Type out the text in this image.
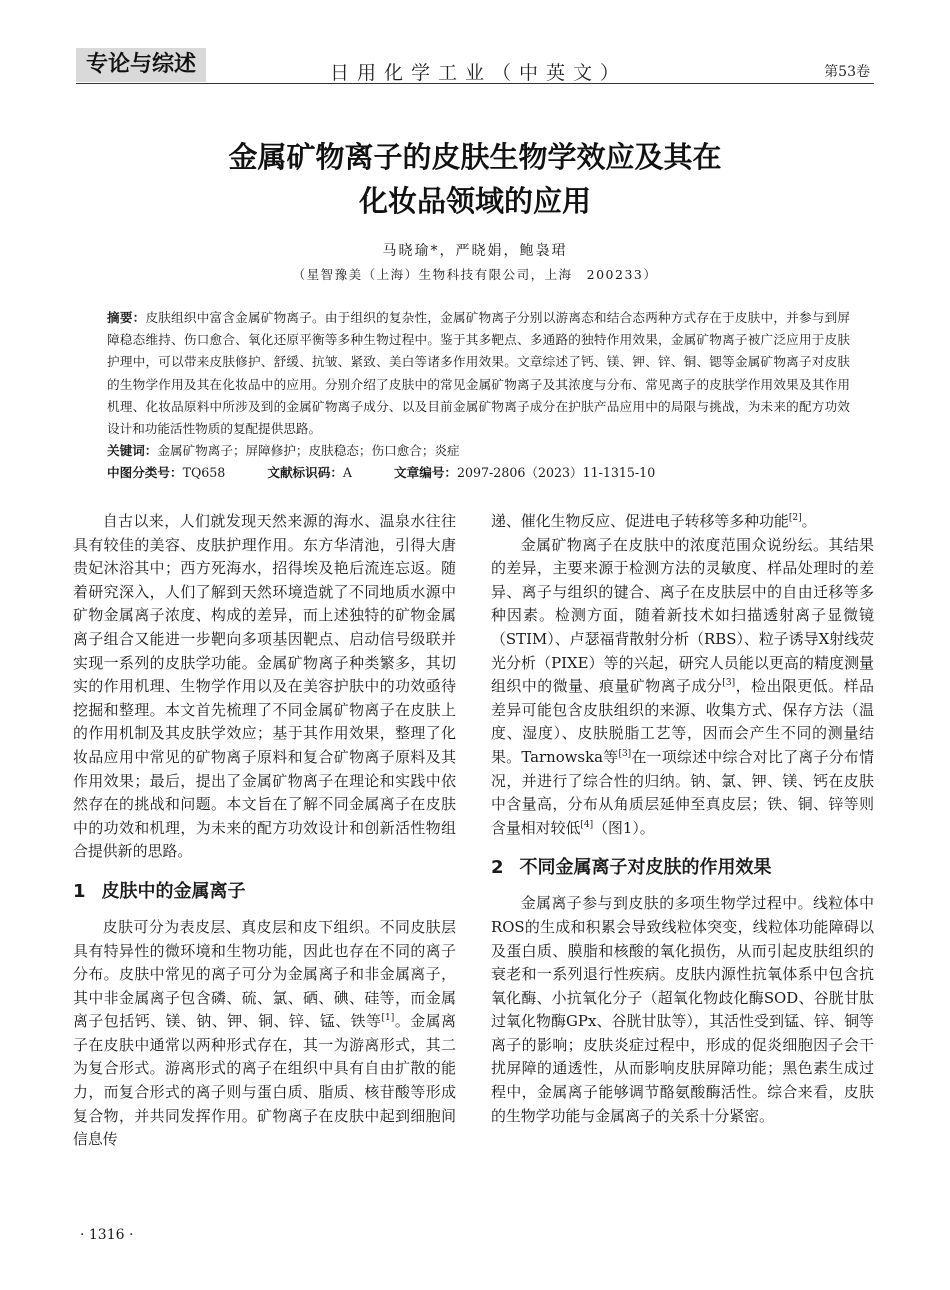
专论与综述	日用化学工业（中英文）	第53卷
金属矿物离子的皮肤生物学效应及其在
化妆品领域的应用
马晓瑜*，严晓娟，鲍袅珺
（星智豫美（上海）生物科技有限公司，上海　200233）
摘要：皮肤组织中富含金属矿物离子。由于组织的复杂性，金属矿物离子分别以游离态和结合态两种方式存在于皮肤中，并参与到屏障稳态维持、伤口愈合、氧化还原平衡等多种生物过程中。鉴于其多靶点、多通路的独特作用效果，金属矿物离子被广泛应用于皮肤护理中，可以带来皮肤修护、舒缓、抗皱、紧致、美白等诸多作用效果。文章综述了钙、镁、钾、锌、铜、锶等金属矿物离子对皮肤的生物学作用及其在化妆品中的应用。分别介绍了皮肤中的常见金属矿物离子及其浓度与分布、常见离子的皮肤学作用效果及其作用机理、化妆品原料中所涉及到的金属矿物离子成分、以及目前金属矿物离子成分在护肤产品应用中的局限与挑战，为未来的配方功效设计和功能活性物质的复配提供思路。
关键词：金属矿物离子；屏障修护；皮肤稳态；伤口愈合；炎症
中图分类号：TQ658	文献标识码：A	文章编号：2097-2806（2023）11-1315-10

自古以来，人们就发现天然来源的海水、温泉水往往具有较佳的美容、皮肤护理作用。东方华清池，引得大唐贵妃沐浴其中；西方死海水，招得埃及艳后流连忘返。随着研究深入，人们了解到天然环境造就了不同地质水源中矿物金属离子浓度、构成的差异，而上述独特的矿物金属离子组合又能进一步靶向多项基因靶点、启动信号级联并实现一系列的皮肤学功能。金属矿物离子种类繁多，其切实的作用机理、生物学作用以及在美容护肤中的功效亟待挖掘和整理。本文首先梳理了不同金属矿物离子在皮肤上的作用机制及其皮肤学效应；基于其作用效果，整理了化妆品应用中常见的矿物离子原料和复合矿物离子原料及其作用效果；最后，提出了金属矿物离子在理论和实践中依然存在的挑战和问题。本文旨在了解不同金属离子在皮肤中的功效和机理，为未来的配方功效设计和创新活性物组合提供新的思路。

1 皮肤中的金属离子

皮肤可分为表皮层、真皮层和皮下组织。不同皮肤层具有特异性的微环境和生物功能，因此也存在不同的离子分布。皮肤中常见的离子可分为金属离子和非金属离子，其中非金属离子包含磷、硫、氯、硒、碘、硅等，而金属离子包括钙、镁、钠、钾、铜、锌、锰、铁等[1]。金属离子在皮肤中通常以两种形式存在，其一为游离形式，其二为复合形式。游离形式的离子在组织中具有自由扩散的能力，而复合形式的离子则与蛋白质、脂质、核苷酸等形成复合物，并共同发挥作用。矿物离子在皮肤中起到细胞间信息传

递、催化生物反应、促进电子转移等多种功能[2]。

金属矿物离子在皮肤中的浓度范围众说纷纭。其结果的差异，主要来源于检测方法的灵敏度、样品处理时的差异、离子与组织的键合、离子在皮肤层中的自由迁移等多种因素。检测方面，随着新技术如扫描透射离子显微镜（STIM）、卢瑟福背散射分析（RBS）、粒子诱导X射线荧光分析（PIXE）等的兴起，研究人员能以更高的精度测量组织中的微量、痕量矿物离子成分[3]，检出限更低。样品差异可能包含皮肤组织的来源、收集方式、保存方法（温度、湿度）、皮肤脱脂工艺等，因而会产生不同的测量结果。Tarnowska等[3]在一项综述中综合对比了离子分布情况，并进行了综合性的归纳。钠、氯、钾、镁、钙在皮肤中含量高，分布从角质层延伸至真皮层；铁、铜、锌等则含量相对较低[4]（图1）。

2 不同金属离子对皮肤的作用效果

金属离子参与到皮肤的多项生物学过程中。线粒体中ROS的生成和积累会导致线粒体突变，线粒体功能障碍以及蛋白质、膜脂和核酸的氧化损伤，从而引起皮肤组织的衰老和一系列退行性疾病。皮肤内源性抗氧体系中包含抗氧化酶、小抗氧化分子（超氧化物歧化酶SOD、谷胱甘肽过氧化物酶GPx、谷胱甘肽等），其活性受到锰、锌、铜等离子的影响；皮肤炎症过程中，形成的促炎细胞因子会干扰屏障的通透性，从而影响皮肤屏障功能；黑色素生成过程中，金属离子能够调节酪氨酸酶活性。综合来看，皮肤的生物学功能与金属离子的关系十分紧密。

· 1316 ·
